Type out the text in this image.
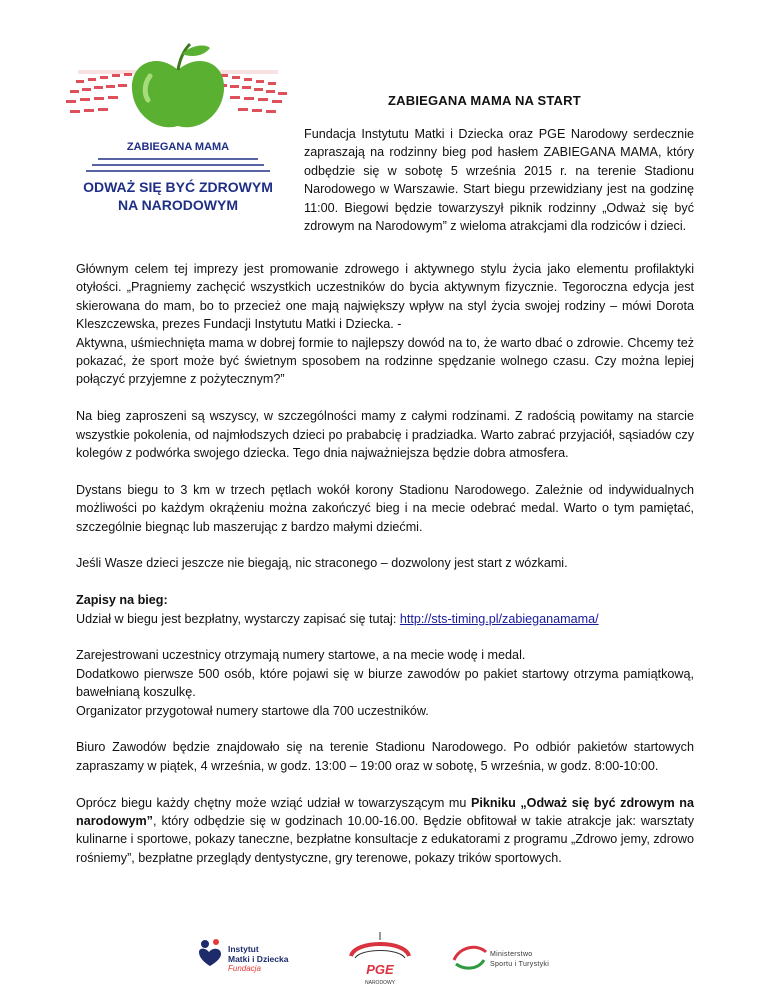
ZABIEGANA MAMA
ODWAŻ SIĘ BYĆ ZDROWYM
NA NARODOWYM
ZABIEGANA MAMA NA START

Fundacja Instytutu Matki i Dziecka oraz PGE Narodowy serdecznie zapraszają na rodzinny bieg pod hasłem ZABIEGANA MAMA, który odbędzie się w sobotę 5 września 2015 r. na terenie Stadionu Narodowego w Warszawie. Start biegu przewidziany jest na godzinę 11:00. Biegowi będzie towarzyszył piknik rodzinny „Odważ się być zdrowym na Narodowym” z wieloma atrakcjami dla rodziców i dzieci.

Głównym celem tej imprezy jest promowanie zdrowego i aktywnego stylu życia jako elementu profilaktyki otyłości. „Pragniemy zachęcić wszystkich uczestników do bycia aktywnym fizycznie. Tegoroczna edycja jest skierowana do mam, bo to przecież one mają największy wpływ na styl życia swojej rodziny – mówi Dorota Kleszczewska, prezes Fundacji Instytutu Matki i Dziecka. -

Aktywna, uśmiechnięta mama w dobrej formie to najlepszy dowód na to, że warto dbać o zdrowie. Chcemy też pokazać, że sport może być świetnym sposobem na rodzinne spędzanie wolnego czasu. Czy można lepiej połączyć przyjemne z pożytecznym?”

Na bieg zaproszeni są wszyscy, w szczególności mamy z całymi rodzinami. Z radością powitamy na starcie wszystkie pokolenia, od najmłodszych dzieci po prababcię i pradziadka. Warto zabrać przyjaciół, sąsiadów czy kolegów z podwórka swojego dziecka. Tego dnia najważniejsza będzie dobra atmosfera.

Dystans biegu to 3 km w trzech pętlach wokół korony Stadionu Narodowego. Zależnie od indywidualnych możliwości po każdym okrążeniu można zakończyć bieg i na mecie odebrać medal. Warto o tym pamiętać, szczególnie biegnąc lub maszerując z bardzo małymi dziećmi.

Jeśli Wasze dzieci jeszcze nie biegają, nic straconego – dozwolony jest start z wózkami.

Zapisy na bieg:
Udział w biegu jest bezpłatny, wystarczy zapisać się tutaj: http://sts-timing.pl/zabieganamama/

Zarejestrowani uczestnicy otrzymają numery startowe, a na mecie wodę i medal.
Dodatkowo pierwsze 500 osób, które pojawi się w biurze zawodów po pakiet startowy otrzyma pamiątkową, bawełnianą koszulkę.
Organizator przygotował numery startowe dla 700 uczestników.

Biuro Zawodów będzie znajdowało się na terenie Stadionu Narodowego. Po odbiór pakietów startowych zapraszamy w piątek, 4 września, w godz. 13:00 – 19:00 oraz w sobotę, 5 września, w godz. 8:00-10:00.

Oprócz biegu każdy chętny może wziąć udział w towarzyszącym mu Pikniku „Odważ się być zdrowym na narodowym”, który odbędzie się w godzinach 10.00-16.00. Będzie obfitował w takie atrakcje jak: warsztaty kulinarne i sportowe, pokazy taneczne, bezpłatne konsultacje z edukatorami z programu „Zdrowo jemy, zdrowo rośniemy”, bezpłatne przeglądy dentystyczne, gry terenowe, pokazy trików sportowych.

Instytut
Matki i Dziecka
Fundacja	PGE
NARODOWY
Ministerstwo
Sportu i Turystyki
